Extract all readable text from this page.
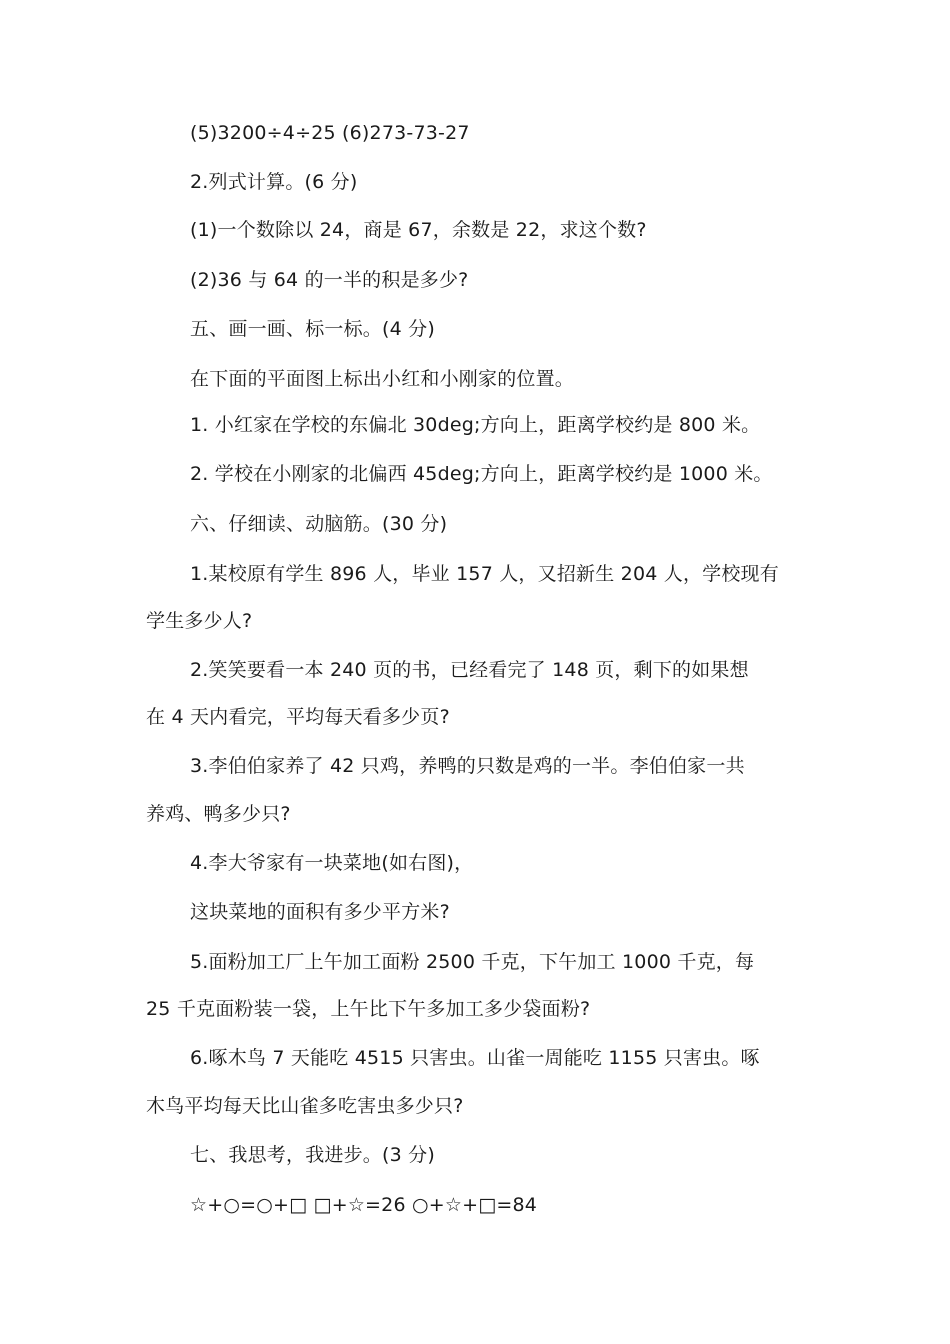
(5)3200÷4÷25 (6)273-73-27
2.列式计算。(6 分)
(1)一个数除以 24，商是 67，余数是 22，求这个数?
(2)36 与 64 的一半的积是多少?
五、画一画、标一标。(4 分)
在下面的平面图上标出小红和小刚家的位置。
1. 小红家在学校的东偏北 30deg;方向上，距离学校约是 800 米。
2. 学校在小刚家的北偏西 45deg;方向上，距离学校约是 1000 米。
六、仔细读、动脑筋。(30 分)
1.某校原有学生 896 人，毕业 157 人，又招新生 204 人，学校现有
学生多少人?
2.笑笑要看一本 240 页的书，已经看完了 148 页，剩下的如果想
在 4 天内看完，平均每天看多少页?
3.李伯伯家养了 42 只鸡，养鸭的只数是鸡的一半。李伯伯家一共
养鸡、鸭多少只?
4.李大爷家有一块菜地(如右图)，
这块菜地的面积有多少平方米?
5.面粉加工厂上午加工面粉 2500 千克，下午加工 1000 千克，每
25 千克面粉装一袋，上午比下午多加工多少袋面粉?
6.啄木鸟 7 天能吃 4515 只害虫。山雀一周能吃 1155 只害虫。啄
木鸟平均每天比山雀多吃害虫多少只?
七、我思考，我进步。(3 分)
☆+○=○+□ □+☆=26 ○+☆+□=84
